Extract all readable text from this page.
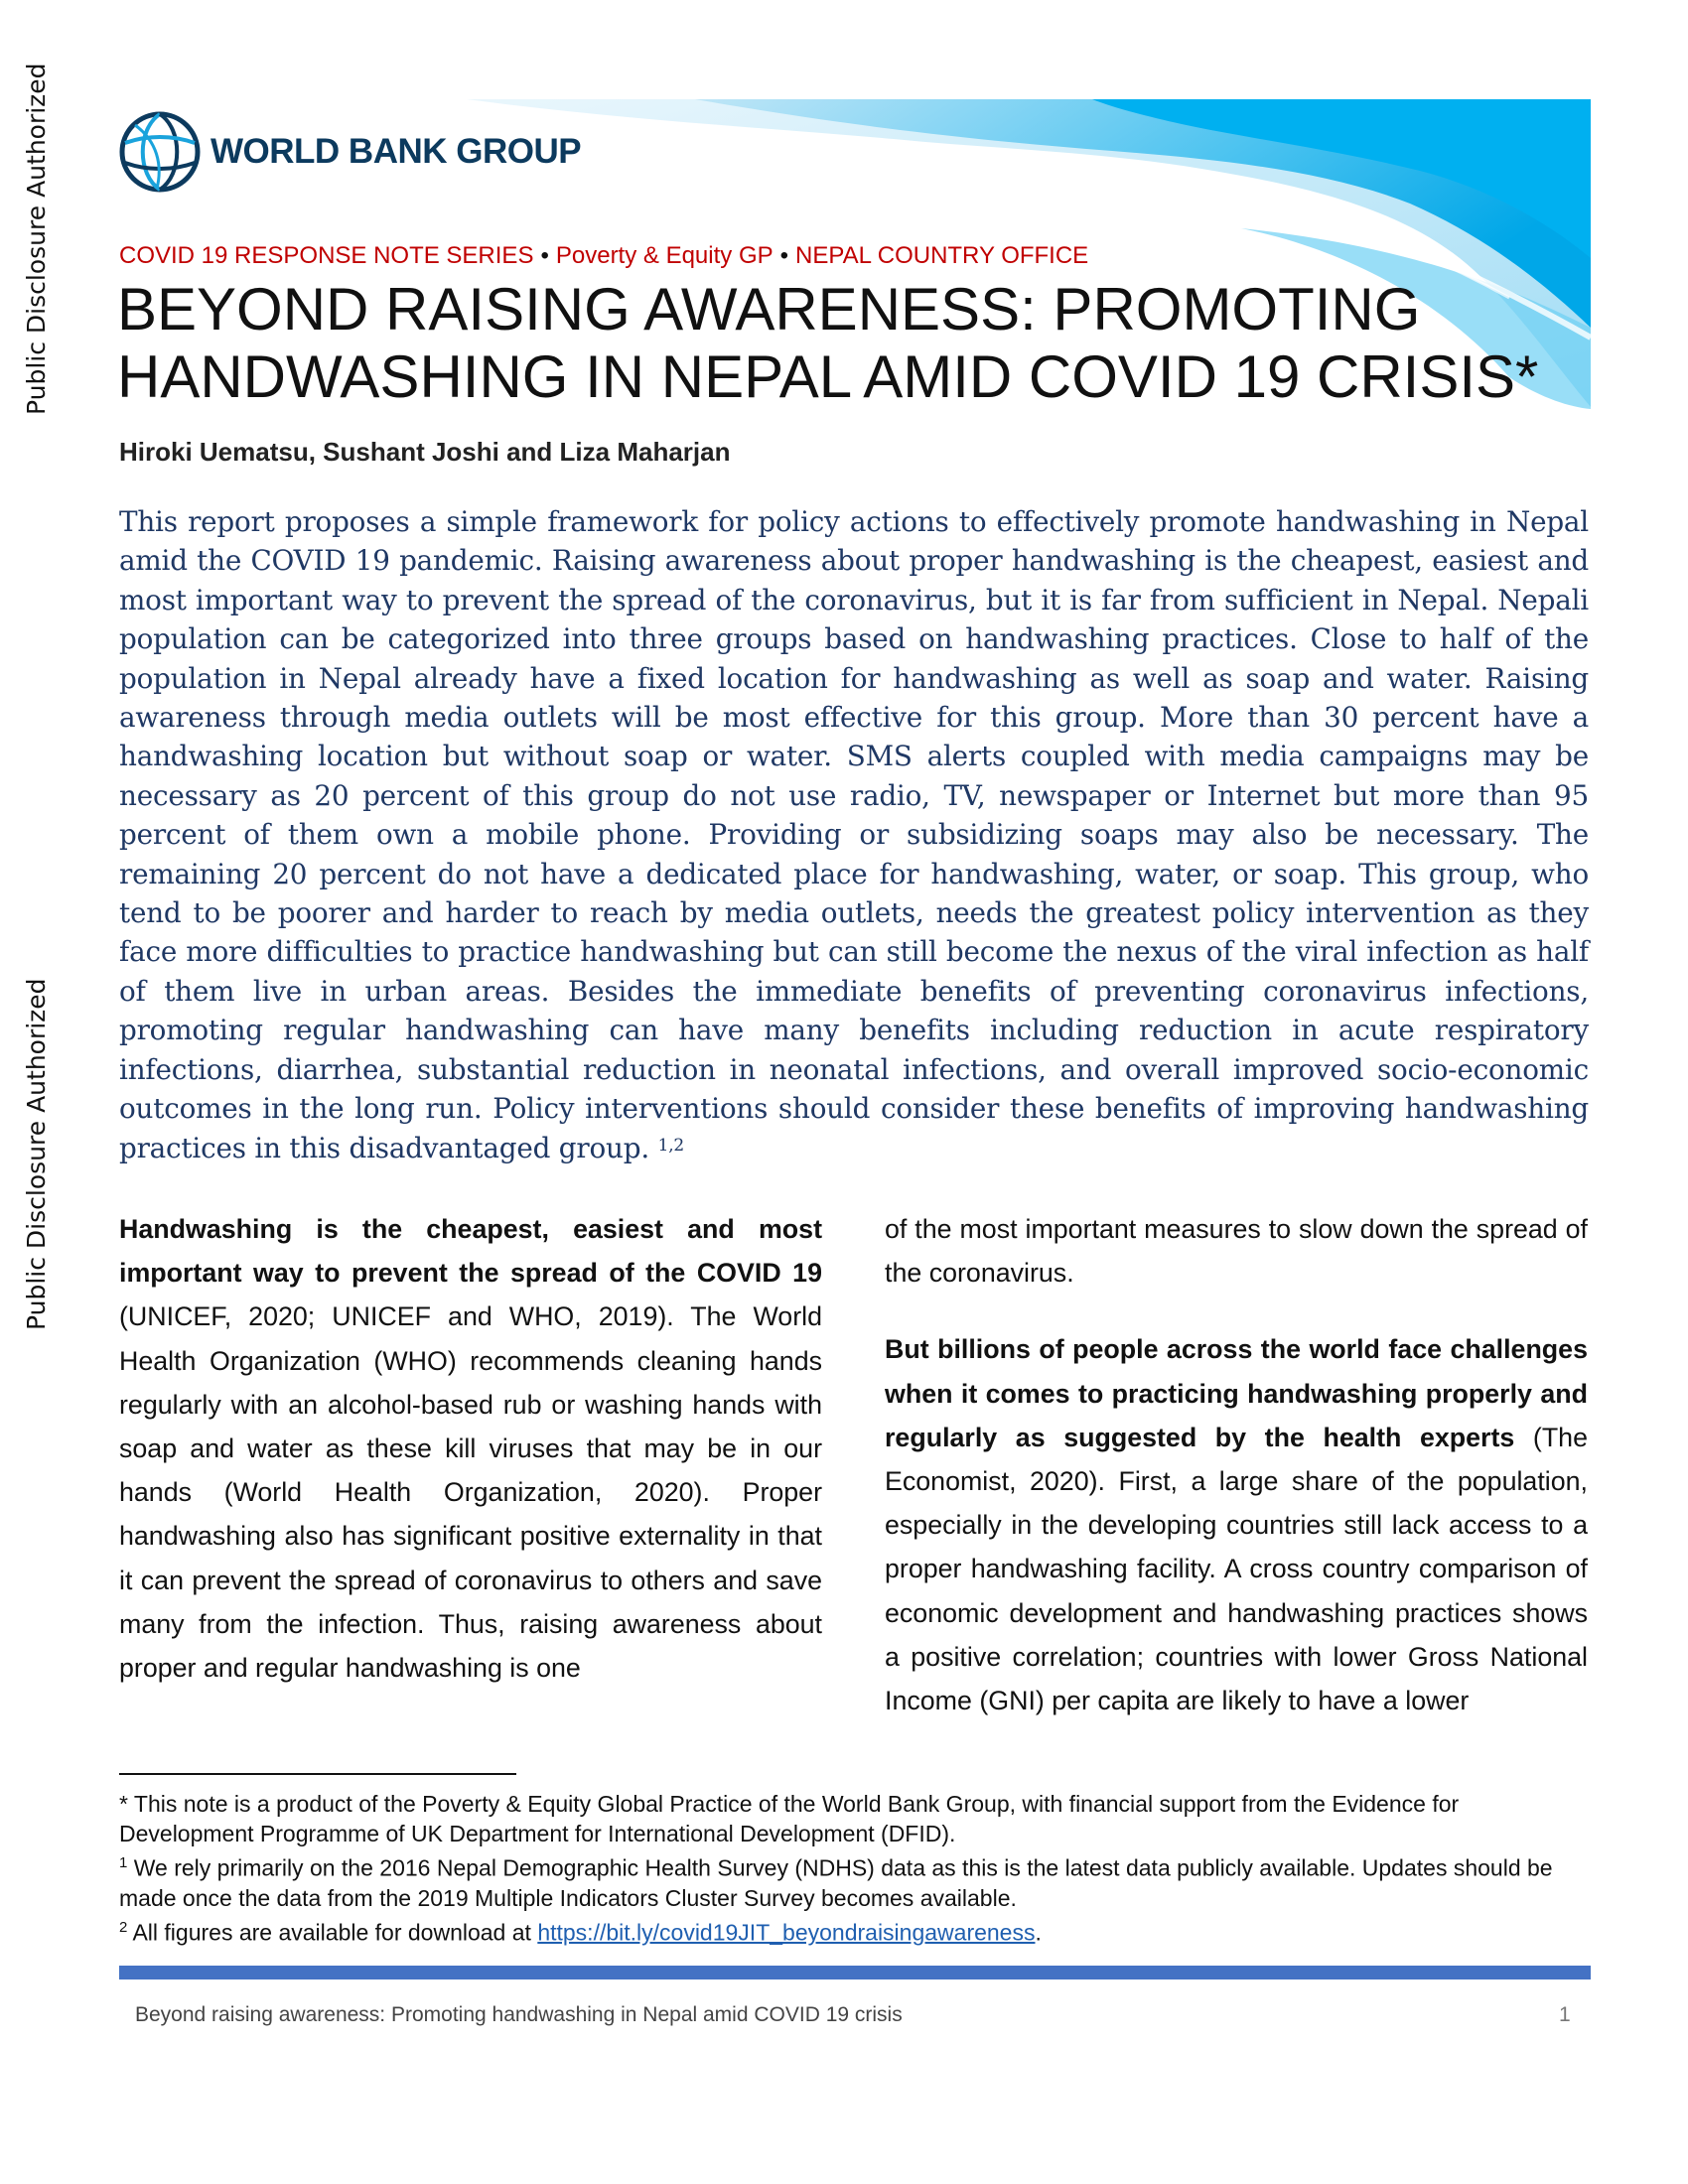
Public Disclosure Authorized
Public Disclosure Authorized
WORLD BANK GROUP
COVID 19 RESPONSE NOTE SERIES • Poverty & Equity GP • NEPAL COUNTRY OFFICE
BEYOND RAISING AWARENESS: PROMOTING
HANDWASHING IN NEPAL AMID COVID 19 CRISIS*
Hiroki Uematsu, Sushant Joshi and Liza Maharjan

This report proposes a simple framework for policy actions to effectively promote handwashing in Nepal amid the COVID 19 pandemic. Raising awareness about proper handwashing is the cheapest, easiest and most important way to prevent the spread of the coronavirus, but it is far from sufficient in Nepal. Nepali population can be categorized into three groups based on handwashing practices. Close to half of the population in Nepal already have a fixed location for handwashing as well as soap and water. Raising awareness through media outlets will be most effective for this group. More than 30 percent have a handwashing location but without soap or water. SMS alerts coupled with media campaigns may be necessary as 20 percent of this group do not use radio, TV, newspaper or Internet but more than 95 percent of them own a mobile phone. Providing or subsidizing soaps may also be necessary. The remaining 20 percent do not have a dedicated place for handwashing, water, or soap. This group, who tend to be poorer and harder to reach by media outlets, needs the greatest policy intervention as they face more difficulties to practice handwashing but can still become the nexus of the viral infection as half of them live in urban areas. Besides the immediate benefits of preventing coronavirus infections, promoting regular handwashing can have many benefits including reduction in acute respiratory infections, diarrhea, substantial reduction in neonatal infections, and overall improved socio-economic outcomes in the long run. Policy interventions should consider these benefits of improving handwashing practices in this disadvantaged group. $^{1,2}$

Handwashing is the cheapest, easiest and most important way to prevent the spread of the COVID 19 (UNICEF, 2020; UNICEF and WHO, 2019). The World Health Organization (WHO) recommends cleaning hands regularly with an alcohol-based rub or washing hands with soap and water as these kill viruses that may be in our hands (World Health Organization, 2020). Proper handwashing also has significant positive externality in that it can prevent the spread of coronavirus to others and save many from the infection. Thus, raising awareness about proper and regular handwashing is one

of the most important measures to slow down the spread of the coronavirus.

But billions of people across the world face challenges when it comes to practicing handwashing properly and regularly as suggested by the health experts (The Economist, 2020). First, a large share of the population, especially in the developing countries still lack access to a proper handwashing facility. A cross country comparison of economic development and handwashing practices shows a positive correlation; countries with lower Gross National Income (GNI) per capita are likely to have a lower

* This note is a product of the Poverty & Equity Global Practice of the World Bank Group, with financial support from the Evidence for Development Programme of UK Department for International Development (DFID).

$^1$ We rely primarily on the 2016 Nepal Demographic Health Survey (NDHS) data as this is the latest data publicly available. Updates should be made once the data from the 2019 Multiple Indicators Cluster Survey becomes available.

$^2$ All figures are available for download at https://bit.ly/covid19JIT_beyondraisingawareness.

Beyond raising awareness: Promoting handwashing in Nepal amid COVID 19 crisis	1
